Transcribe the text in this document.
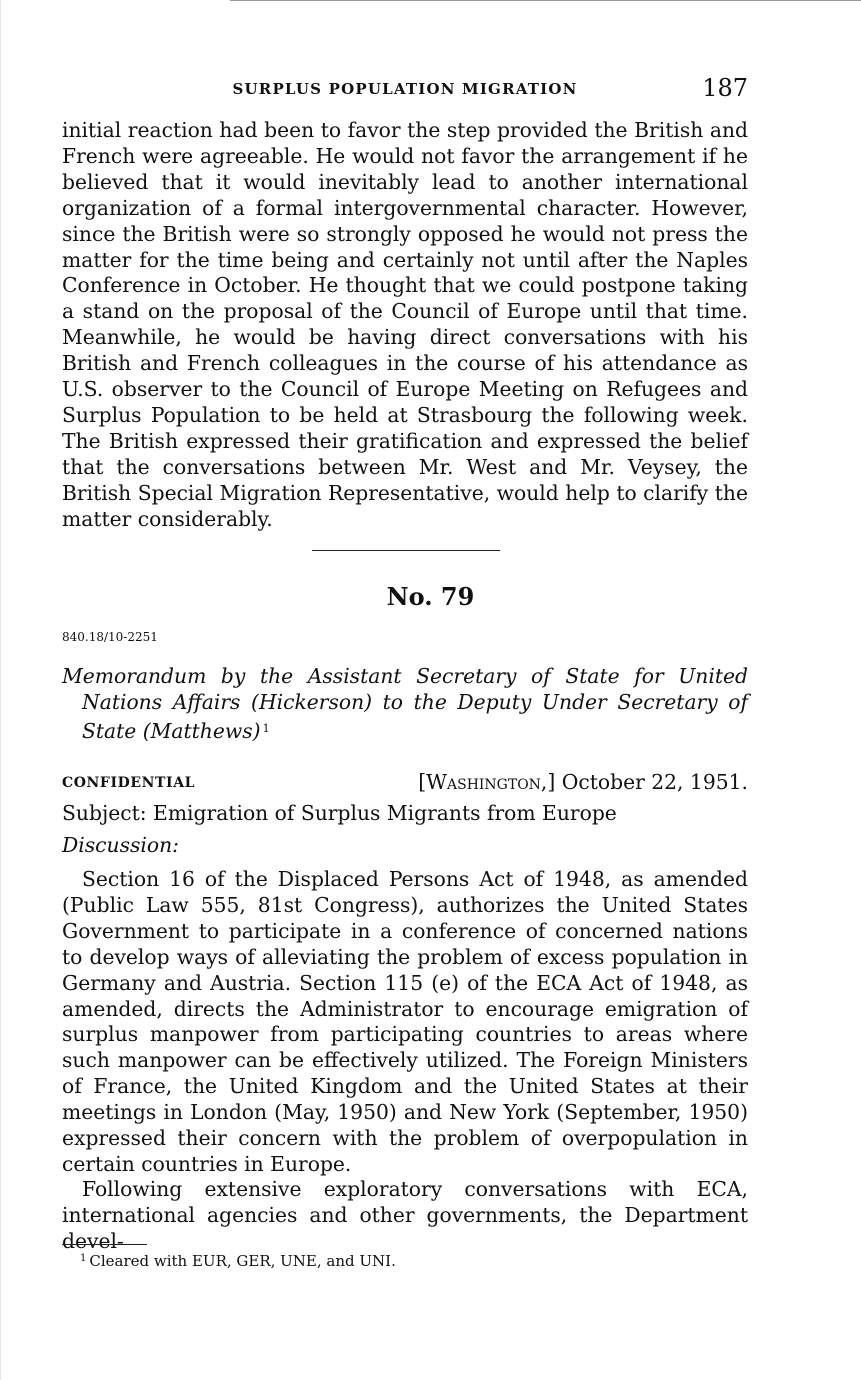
SURPLUS POPULATION MIGRATION	187
initial reaction had been to favor the step provided the British and French were agreeable. He would not favor the arrangement if he believed that it would inevitably lead to another international organization of a formal intergovernmental character. However, since the British were so strongly opposed he would not press the matter for the time being and certainly not until after the Naples Conference in October. He thought that we could postpone taking a stand on the proposal of the Council of Europe until that time. Meanwhile, he would be having direct conversations with his British and French colleagues in the course of his attendance as U.S. observer to the Council of Europe Meeting on Refugees and Surplus Population to be held at Strasbourg the following week. The British expressed their gratification and expressed the belief that the conversations between Mr. West and Mr. Veysey, the British Special Migration Representative, would help to clarify the matter considerably.
No. 79
840.18/10-2251
Memorandum by the Assistant Secretary of State for United Nations Affairs (Hickerson) to the Deputy Under Secretary of State (Matthews) $^1$
CONFIDENTIAL	[Washington,] October 22, 1951.
Subject: Emigration of Surplus Migrants from Europe
Discussion:
Section 16 of the Displaced Persons Act of 1948, as amended (Public Law 555, 81st Congress), authorizes the United States Government to participate in a conference of concerned nations to develop ways of alleviating the problem of excess population in Germany and Austria. Section 115 (e) of the ECA Act of 1948, as amended, directs the Administrator to encourage emigration of surplus manpower from participating countries to areas where such manpower can be effectively utilized. The Foreign Ministers of France, the United Kingdom and the United States at their meetings in London (May, 1950) and New York (September, 1950) expressed their concern with the problem of overpopulation in certain countries in Europe.
Following extensive exploratory conversations with ECA, international agencies and other governments, the Department devel-
$^1$ Cleared with EUR, GER, UNE, and UNI.
